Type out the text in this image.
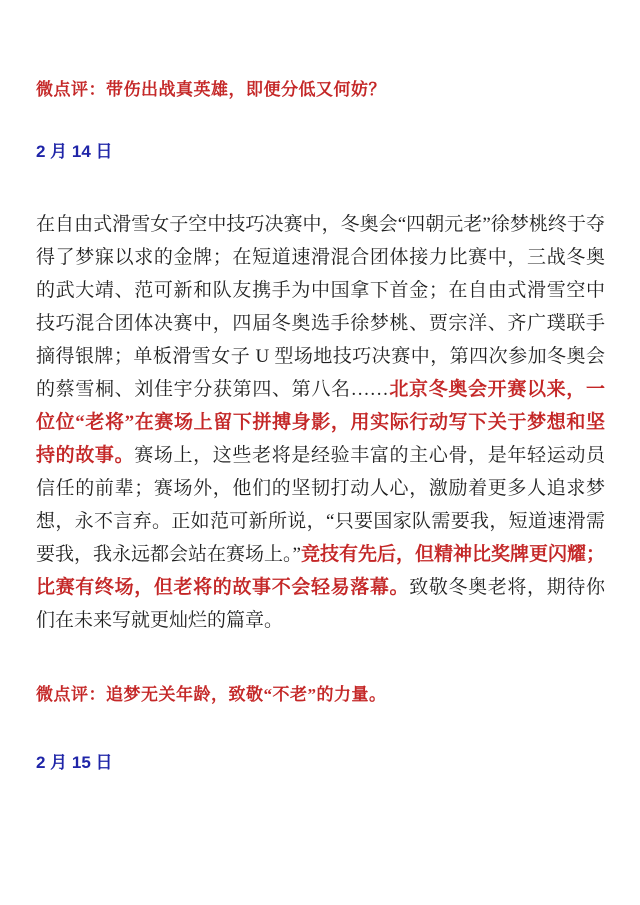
微点评：带伤出战真英雄，即便分低又何妨？
2 月 14 日

在自由式滑雪女子空中技巧决赛中，冬奥会“四朝元老”徐梦桃终于夺得了梦寐以求的金牌；在短道速滑混合团体接力比赛中，三战冬奥的武大靖、范可新和队友携手为中国拿下首金；在自由式滑雪空中技巧混合团体决赛中，四届冬奥选手徐梦桃、贾宗洋、齐广璞联手摘得银牌；单板滑雪女子 U 型场地技巧决赛中，第四次参加冬奥会的蔡雪桐、刘佳宇分获第四、第八名……北京冬奥会开赛以来，一位位“老将”在赛场上留下拼搏身影，用实际行动写下关于梦想和坚持的故事。赛场上，这些老将是经验丰富的主心骨，是年轻运动员信任的前辈；赛场外，他们的坚韧打动人心，激励着更多人追求梦想，永不言弃。正如范可新所说，“只要国家队需要我，短道速滑需要我，我永远都会站在赛场上。”竞技有先后，但精神比奖牌更闪耀；比赛有终场，但老将的故事不会轻易落幕。致敬冬奥老将，期待你们在未来写就更灿烂的篇章。

微点评：追梦无关年龄，致敬“不老”的力量。
2 月 15 日
